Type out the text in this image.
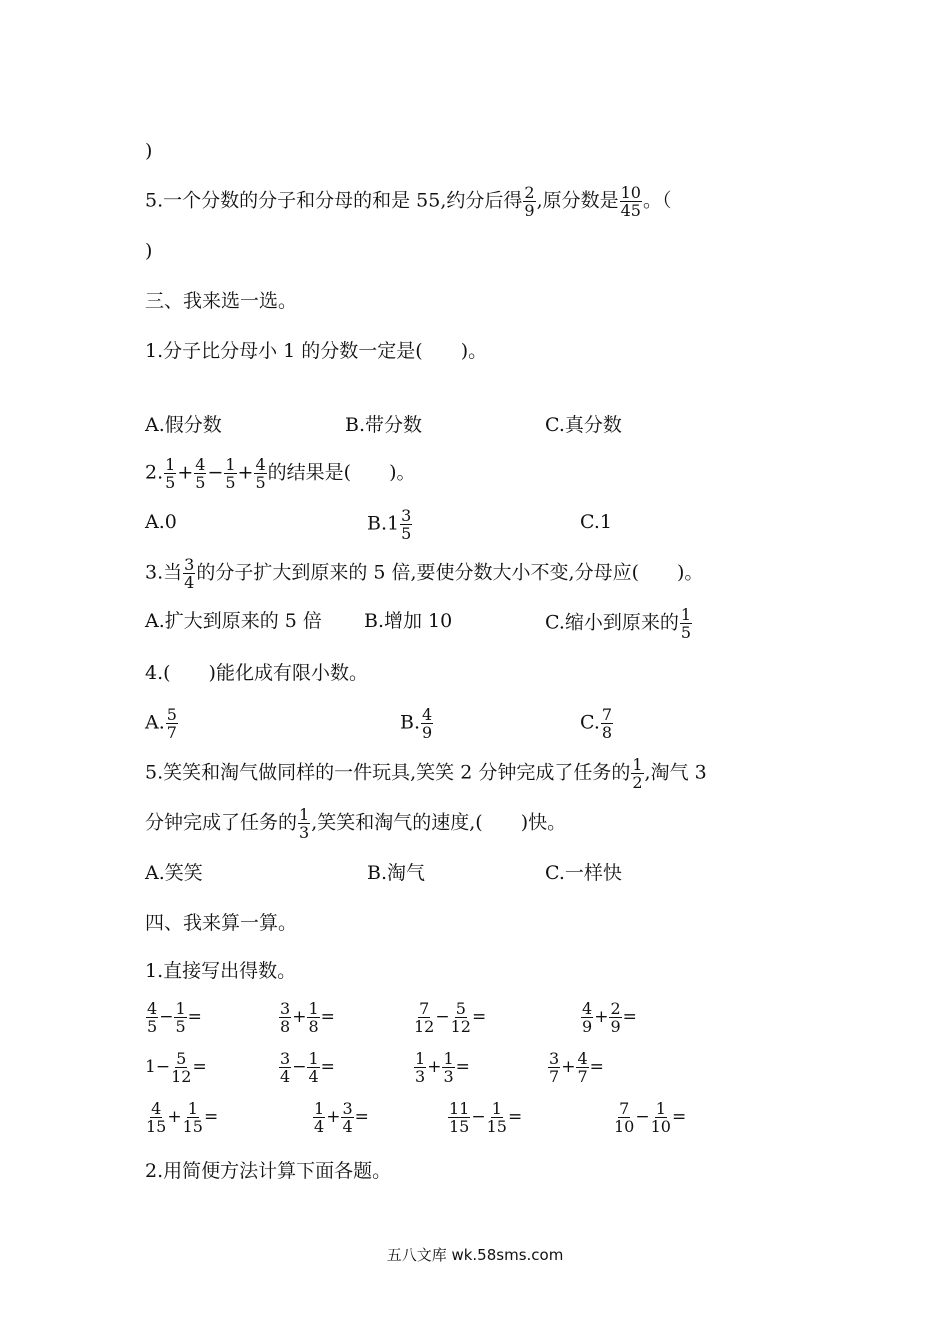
)
5.一个分数的分子和分母的和是 55,约分后得 $\frac{2}{9}$ ,原分数是 $\frac{10}{45}$ 。（
)
三、我来选一选。
1.分子比分母小 1 的分数一定是(　　)。
A.假分数	B.带分数	C.真分数
2. $\frac{1}{5} + \frac{4}{5} - \frac{1}{5} + \frac{4}{5}$ 的结果是(　　)。
A.0	$B.1 \frac{3}{5}$	C.1
3.当 $\frac{3}{4}$ 的分子扩大到原来的 5 倍,要使分数大小不变,分母应(　　)。
A.扩大到原来的 5 倍 B.增加 10	C.缩小到原来的 $\frac{1}{5}$
4.(　　)能化成有限小数。
A. $\frac{5}{7}$	B. $\frac{4}{9}$	C. $\frac{7}{8}$
5.笑笑和淘气做同样的一件玩具,笑笑 2 分钟完成了任务的 $\frac{1}{2}$ ,淘气 3
分钟完成了任务的 $\frac{1}{3}$ ,笑笑和淘气的速度,(　　)快。
A.笑笑	B.淘气	C.一样快
四、我来算一算。
1.直接写出得数。
$\frac{4}{5} - \frac{1}{5}$ =	$\frac{3}{8} + \frac{1}{8}$ =	$\frac{7}{12} - \frac{5}{12}$ =	$\frac{4}{9} + \frac{2}{9}$ =
$1- \frac{5}{12}$ =	$\frac{3}{4} - \frac{1}{4}$ =	$\frac{1}{3} + \frac{1}{3}$ =	$\frac{3}{7} + \frac{4}{7}$ =
$\frac{4}{15} + \frac{1}{15}$ =	$\frac{1}{4} + \frac{3}{4}$ =	$\frac{11}{15} - \frac{1}{15}$ =	$\frac{7}{10} - \frac{1}{10}$ =
2.用简便方法计算下面各题。
五八文库 wk.58sms.com
